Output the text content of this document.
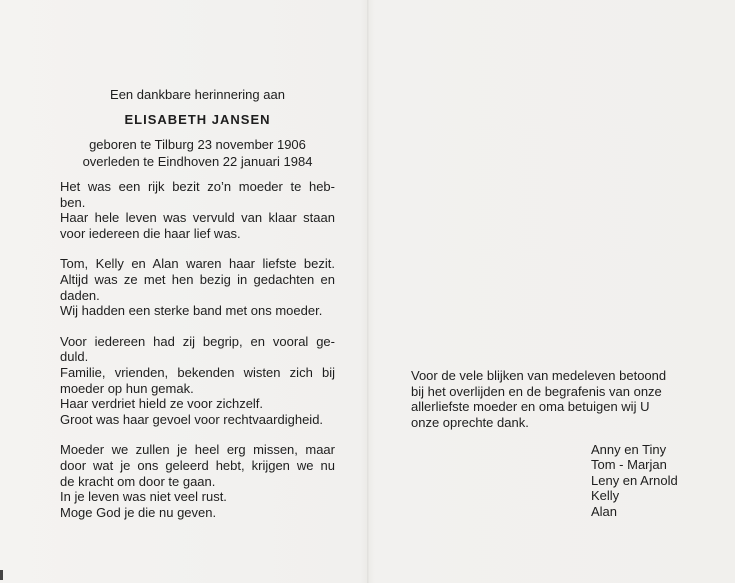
Een dankbare herinnering aan
ELISABETH JANSEN
geboren te Tilburg 23 november 1906
overleden te Eindhoven 22 januari 1984
Het was een rijk bezit zo’n moeder te heb-
ben.
Haar hele leven was vervuld van klaar staan
voor iedereen die haar lief was.
Tom, Kelly en Alan waren haar liefste bezit.
Altijd was ze met hen bezig in gedachten en
daden.
Wij hadden een sterke band met ons moeder.
Voor iedereen had zij begrip, en vooral ge-
duld.
Familie, vrienden, bekenden wisten zich bij
moeder op hun gemak.
Haar verdriet hield ze voor zichzelf.
Groot was haar gevoel voor rechtvaardigheid.
Moeder we zullen je heel erg missen, maar
door wat je ons geleerd hebt, krijgen we nu
de kracht om door te gaan.
In je leven was niet veel rust.
Moge God je die nu geven.
Voor de vele blijken van medeleven betoond
bij het overlijden en de begrafenis van onze
allerliefste moeder en oma betuigen wij U
onze oprechte dank.
Anny en Tiny
Tom - Marjan
Leny en Arnold
Kelly
Alan
